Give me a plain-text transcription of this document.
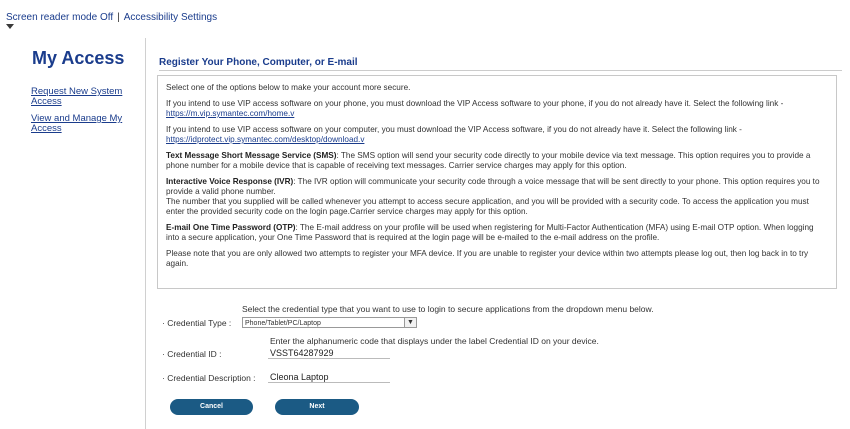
Screen reader mode Off | Accessibility Settings
My Access
Request New System Access
View and Manage My Access
Register Your Phone, Computer, or E-mail

Select one of the options below to make your account more secure.

If you intend to use VIP access software on your phone, you must download the VIP Access software to your phone, if you do not already have it. Select the following link -https://m.vip.symantec.com/home.v

If you intend to use VIP access software on your computer, you must download the VIP Access software, if you do not already have it. Select the following link -https://idprotect.vip.symantec.com/desktop/download.v

Text Message Short Message Service (SMS): The SMS option will send your security code directly to your mobile device via text message. This option requires you to provide a phone number for a mobile device that is capable of receiving text messages. Carrier service charges may apply for this option.

Interactive Voice Response (IVR): The IVR option will communicate your security code through a voice message that will be sent directly to your phone. This option requires you to provide a valid phone number.
The number that you supplied will be called whenever you attempt to access secure application, and you will be provided with a security code. To access the application you must enter the provided security code on the login page.Carrier service charges may apply for this option.

E-mail One Time Password (OTP): The E-mail address on your profile will be used when registering for Multi-Factor Authentication (MFA) using E-mail OTP option. When logging into a secure application, your One Time Password that is required at the login page will be e-mailed to the e-mail address on the profile.

Please note that you are only allowed two attempts to register your MFA device. If you are unable to register your device within two attempts please log out, then log back in to try again.

Select the credential type that you want to use to login to secure applications from the dropdown menu below.
· Credential Type :	Phone/Tablet/PC/Laptop	▼
Enter the alphanumeric code that displays under the label Credential ID on your device.
· Credential ID :
VSST64287929
· Credential Description :
Cleona Laptop
Cancel	Next
